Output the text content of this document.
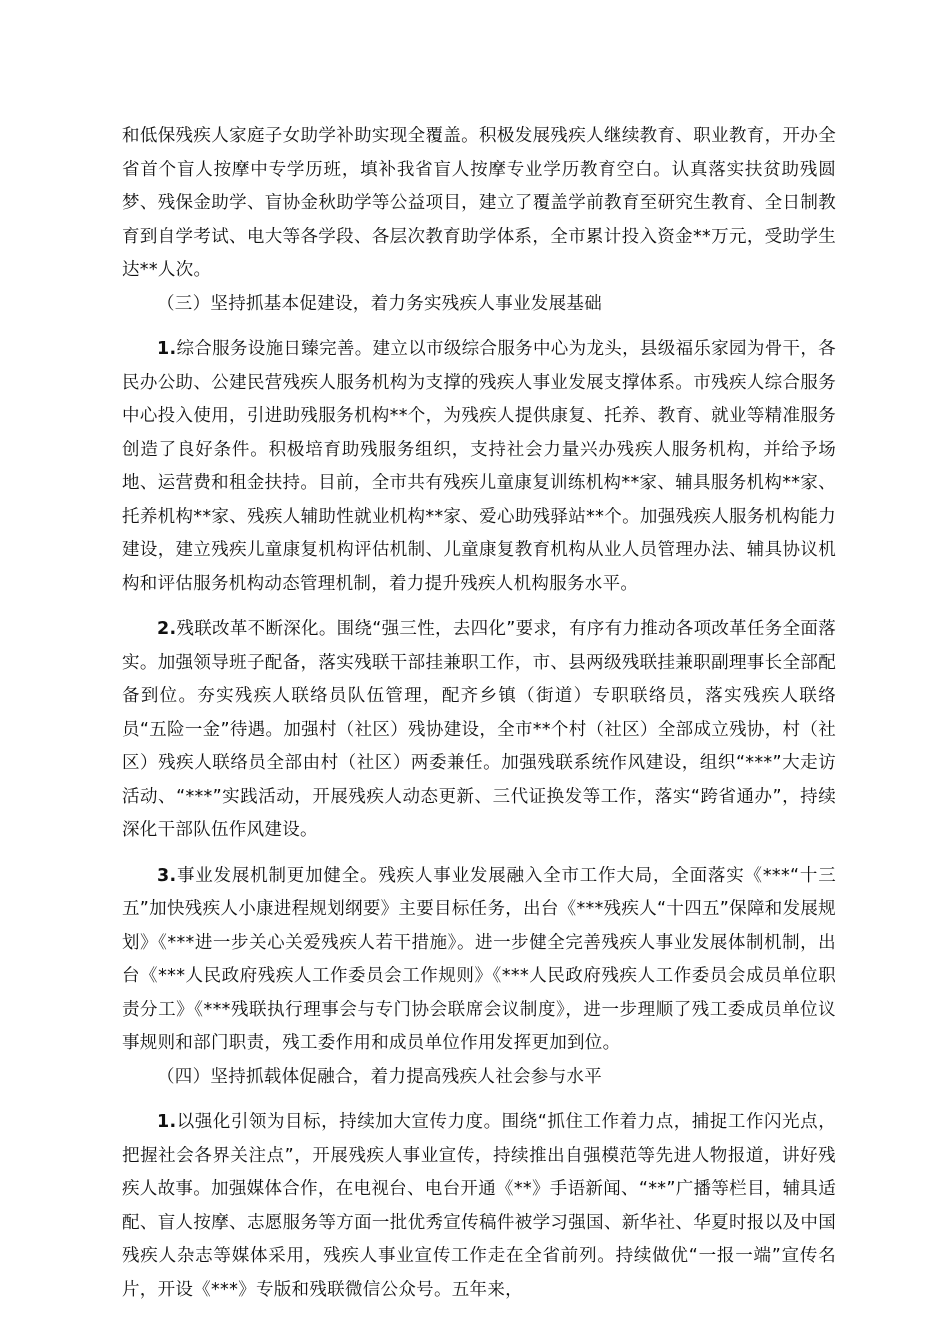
和低保残疾人家庭子女助学补助实现全覆盖。积极发展残疾人继续教育、职业教育，开办全省首个盲人按摩中专学历班，填补我省盲人按摩专业学历教育空白。认真落实扶贫助残圆梦、残保金助学、盲协金秋助学等公益项目，建立了覆盖学前教育至研究生教育、全日制教育到自学考试、电大等各学段、各层次教育助学体系，全市累计投入资金**万元，受助学生达**人次。

（三）坚持抓基本促建设，着力务实残疾人事业发展基础

1.综合服务设施日臻完善。建立以市级综合服务中心为龙头，县级福乐家园为骨干，各民办公助、公建民营残疾人服务机构为支撑的残疾人事业发展支撑体系。市残疾人综合服务中心投入使用，引进助残服务机构**个，为残疾人提供康复、托养、教育、就业等精准服务创造了良好条件。积极培育助残服务组织，支持社会力量兴办残疾人服务机构，并给予场地、运营费和租金扶持。目前，全市共有残疾儿童康复训练机构**家、辅具服务机构**家、托养机构**家、残疾人辅助性就业机构**家、爱心助残驿站**个。加强残疾人服务机构能力建设，建立残疾儿童康复机构评估机制、儿童康复教育机构从业人员管理办法、辅具协议机构和评估服务机构动态管理机制，着力提升残疾人机构服务水平。

2.残联改革不断深化。围绕“强三性，去四化”要求，有序有力推动各项改革任务全面落实。加强领导班子配备，落实残联干部挂兼职工作，市、县两级残联挂兼职副理事长全部配备到位。夯实残疾人联络员队伍管理，配齐乡镇（街道）专职联络员，落实残疾人联络员“五险一金”待遇。加强村（社区）残协建设，全市**个村（社区）全部成立残协，村（社区）残疾人联络员全部由村（社区）两委兼任。加强残联系统作风建设，组织“***”大走访活动、“***”实践活动，开展残疾人动态更新、三代证换发等工作，落实“跨省通办”，持续深化干部队伍作风建设。

3.事业发展机制更加健全。残疾人事业发展融入全市工作大局，全面落实《***“十三五”加快残疾人小康进程规划纲要》主要目标任务，出台《***残疾人“十四五”保障和发展规划》《***进一步关心关爱残疾人若干措施》。进一步健全完善残疾人事业发展体制机制，出台《***人民政府残疾人工作委员会工作规则》《***人民政府残疾人工作委员会成员单位职责分工》《***残联执行理事会与专门协会联席会议制度》，进一步理顺了残工委成员单位议事规则和部门职责，残工委作用和成员单位作用发挥更加到位。

（四）坚持抓载体促融合，着力提高残疾人社会参与水平

1.以强化引领为目标，持续加大宣传力度。围绕“抓住工作着力点，捕捉工作闪光点，把握社会各界关注点”，开展残疾人事业宣传，持续推出自强模范等先进人物报道，讲好残疾人故事。加强媒体合作，在电视台、电台开通《**》手语新闻、“**”广播等栏目，辅具适配、盲人按摩、志愿服务等方面一批优秀宣传稿件被学习强国、新华社、华夏时报以及中国残疾人杂志等媒体采用，残疾人事业宣传工作走在全省前列。持续做优“一报一端”宣传名片，开设《***》专版和残联微信公众号。五年来，
